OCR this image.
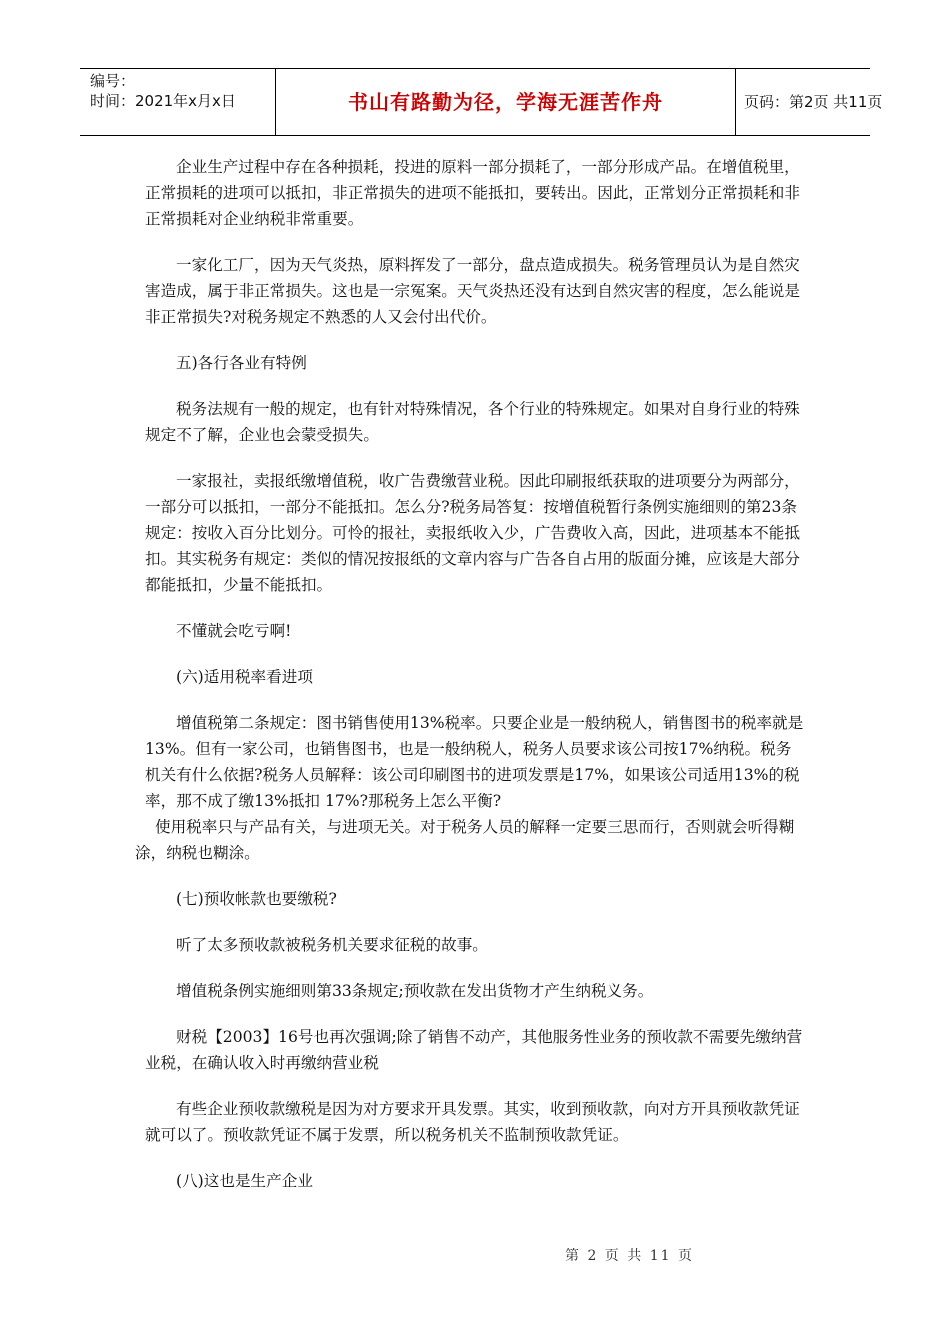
编号：
时间：2021年x月x日	书山有路勤为径，学海无涯苦作舟	页码：第2页 共11页

企业生产过程中存在各种损耗，投进的原料一部分损耗了，一部分形成产品。在增值税里，正常损耗的进项可以抵扣，非正常损失的进项不能抵扣，要转出。因此，正常划分正常损耗和非正常损耗对企业纳税非常重要。

一家化工厂，因为天气炎热，原料挥发了一部分，盘点造成损失。税务管理员认为是自然灾害造成，属于非正常损失。这也是一宗冤案。天气炎热还没有达到自然灾害的程度，怎么能说是非正常损失?对税务规定不熟悉的人又会付出代价。

五)各行各业有特例

税务法规有一般的规定，也有针对特殊情况，各个行业的特殊规定。如果对自身行业的特殊规定不了解，企业也会蒙受损失。

一家报社，卖报纸缴增值税，收广告费缴营业税。因此印刷报纸获取的进项要分为两部分，一部分可以抵扣，一部分不能抵扣。怎么分?税务局答复：按增值税暂行条例实施细则的第23条规定：按收入百分比划分。可怜的报社，卖报纸收入少，广告费收入高，因此，进项基本不能抵扣。其实税务有规定：类似的情况按报纸的文章内容与广告各自占用的版面分摊，应该是大部分都能抵扣，少量不能抵扣。

不懂就会吃亏啊!

(六)适用税率看进项

增值税第二条规定：图书销售使用13%税率。只要企业是一般纳税人，销售图书的税率就是13%。但有一家公司，也销售图书，也是一般纳税人，税务人员要求该公司按17%纳税。税务机关有什么依据?税务人员解释：该公司印刷图书的进项发票是17%，如果该公司适用13%的税率，那不成了缴13%抵扣 17%?那税务上怎么平衡?

使用税率只与产品有关，与进项无关。对于税务人员的解释一定要三思而行，否则就会听得糊涂，纳税也糊涂。

(七)预收帐款也要缴税?

听了太多预收款被税务机关要求征税的故事。

增值税条例实施细则第33条规定;预收款在发出货物才产生纳税义务。

财税【2003】16号也再次强调;除了销售不动产，其他服务性业务的预收款不需要先缴纳营业税，在确认收入时再缴纳营业税

有些企业预收款缴税是因为对方要求开具发票。其实，收到预收款，向对方开具预收款凭证就可以了。预收款凭证不属于发票，所以税务机关不监制预收款凭证。

(八)这也是生产企业

第 2 页 共 11 页
